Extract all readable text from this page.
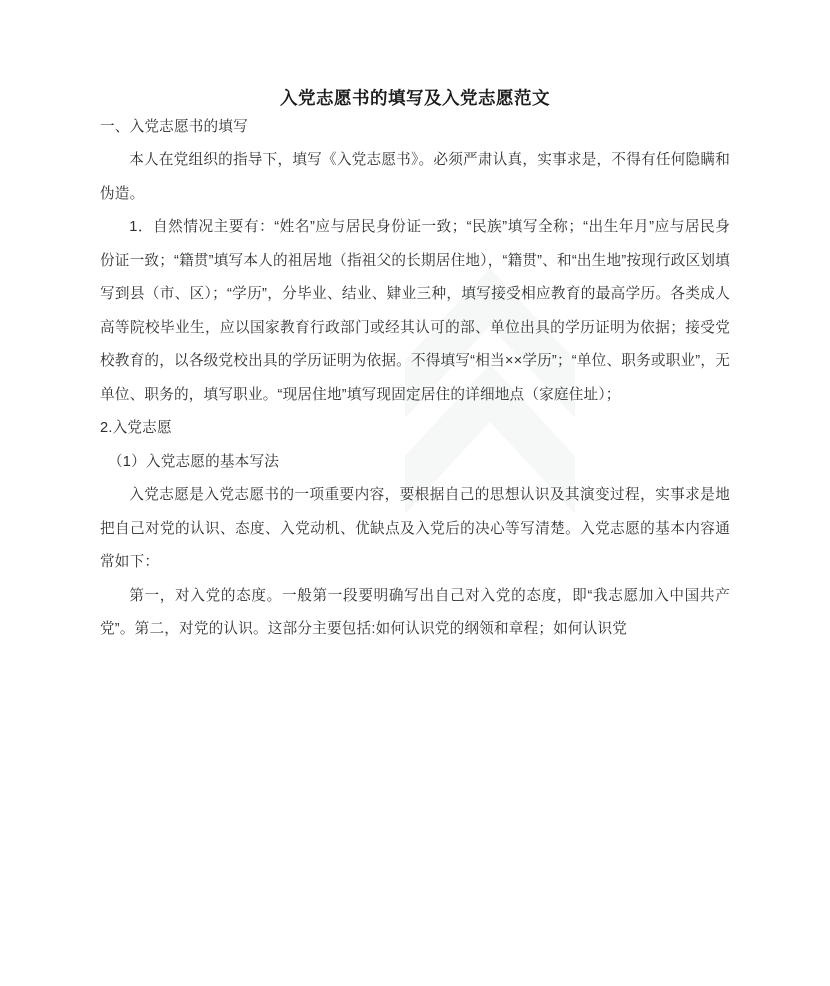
入党志愿书的填写及入党志愿范文

一、入党志愿书的填写

本人在党组织的指导下，填写《入党志愿书》。必须严肃认真，实事求是，不得有任何隐瞒和伪造。

1．自然情况主要有：“姓名”应与居民身份证一致；“民族”填写全称；“出生年月”应与居民身份证一致；“籍贯”填写本人的祖居地（指祖父的长期居住地），“籍贯”、和“出生地”按现行政区划填写到县（市、区）；“学历”，分毕业、结业、肄业三种，填写接受相应教育的最高学历。各类成人高等院校毕业生，应以国家教育行政部门或经其认可的部、单位出具的学历证明为依据；接受党校教育的，以各级党校出具的学历证明为依据。不得填写“相当××学历”；“单位、职务或职业”，无单位、职务的，填写职业。“现居住地”填写现固定居住的详细地点（家庭住址）；

2.入党志愿

（1）入党志愿的基本写法

入党志愿是入党志愿书的一项重要内容，要根据自己的思想认识及其演变过程，实事求是地把自己对党的认识、态度、入党动机、优缺点及入党后的决心等写清楚。入党志愿的基本内容通常如下：

第一，对入党的态度。一般第一段要明确写出自己对入党的态度，即“我志愿加入中国共产党”。第二，对党的认识。这部分主要包括:如何认识党的纲领和章程；如何认识党
